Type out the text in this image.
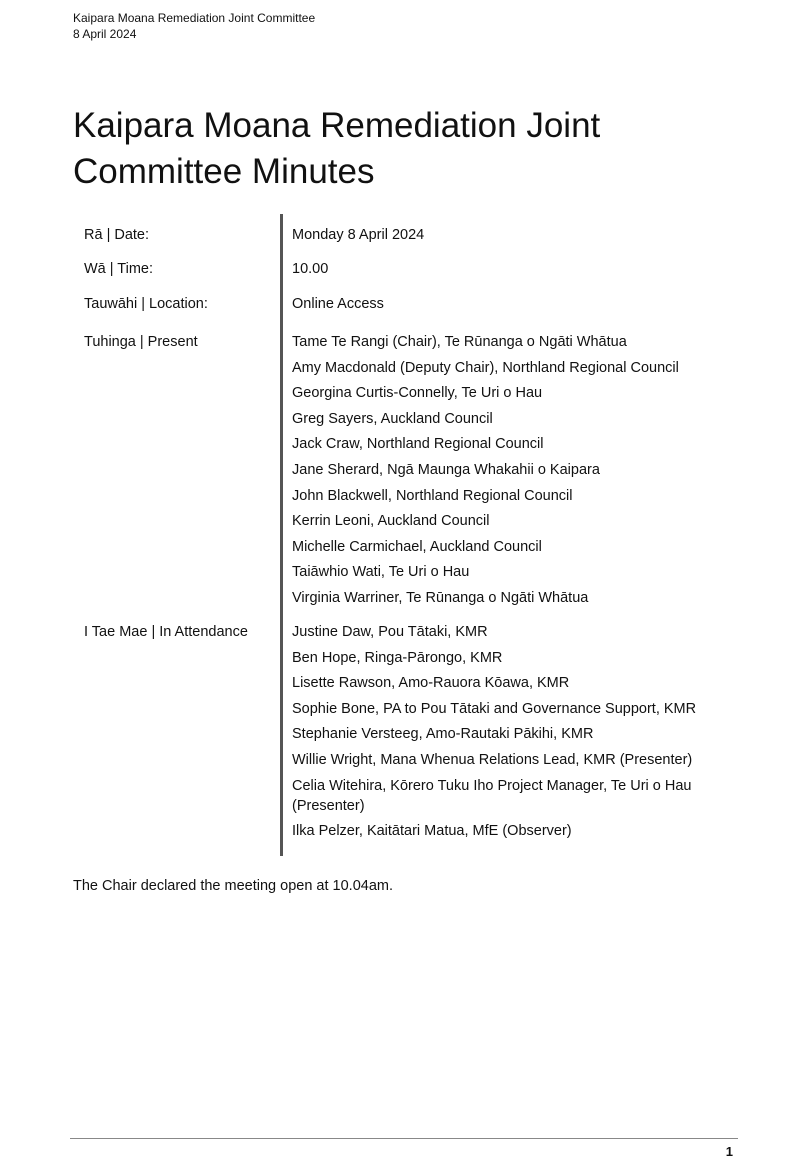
Kaipara Moana Remediation Joint Committee
8 April 2024
Kaipara Moana Remediation Joint Committee Minutes
Rā | Date:	Monday 8 April 2024
Wā | Time:	10.00
Tauwāhi | Location:	Online Access
Tuhinga | Present	Tame Te Rangi (Chair), Te Rūnanga o Ngāti Whātua
Amy Macdonald (Deputy Chair), Northland Regional Council
Georgina Curtis-Connelly, Te Uri o Hau
Greg Sayers, Auckland Council
Jack Craw, Northland Regional Council
Jane Sherard, Ngā Maunga Whakahii o Kaipara
John Blackwell, Northland Regional Council
Kerrin Leoni, Auckland Council
Michelle Carmichael, Auckland Council
Taiāwhio Wati, Te Uri o Hau
Virginia Warriner, Te Rūnanga o Ngāti Whātua
I Tae Mae | In Attendance	Justine Daw, Pou Tātaki, KMR
Ben Hope, Ringa-Pārongo, KMR
Lisette Rawson, Amo-Rauora Kōawa, KMR
Sophie Bone, PA to Pou Tātaki and Governance Support, KMR
Stephanie Versteeg, Amo-Rautaki Pākihi, KMR
Willie Wright, Mana Whenua Relations Lead, KMR (Presenter)
Celia Witehira, Kōrero Tuku Iho Project Manager, Te Uri o Hau (Presenter)
Ilka Pelzer, Kaitātari Matua, MfE (Observer)

The Chair declared the meeting open at 10.04am.

1
